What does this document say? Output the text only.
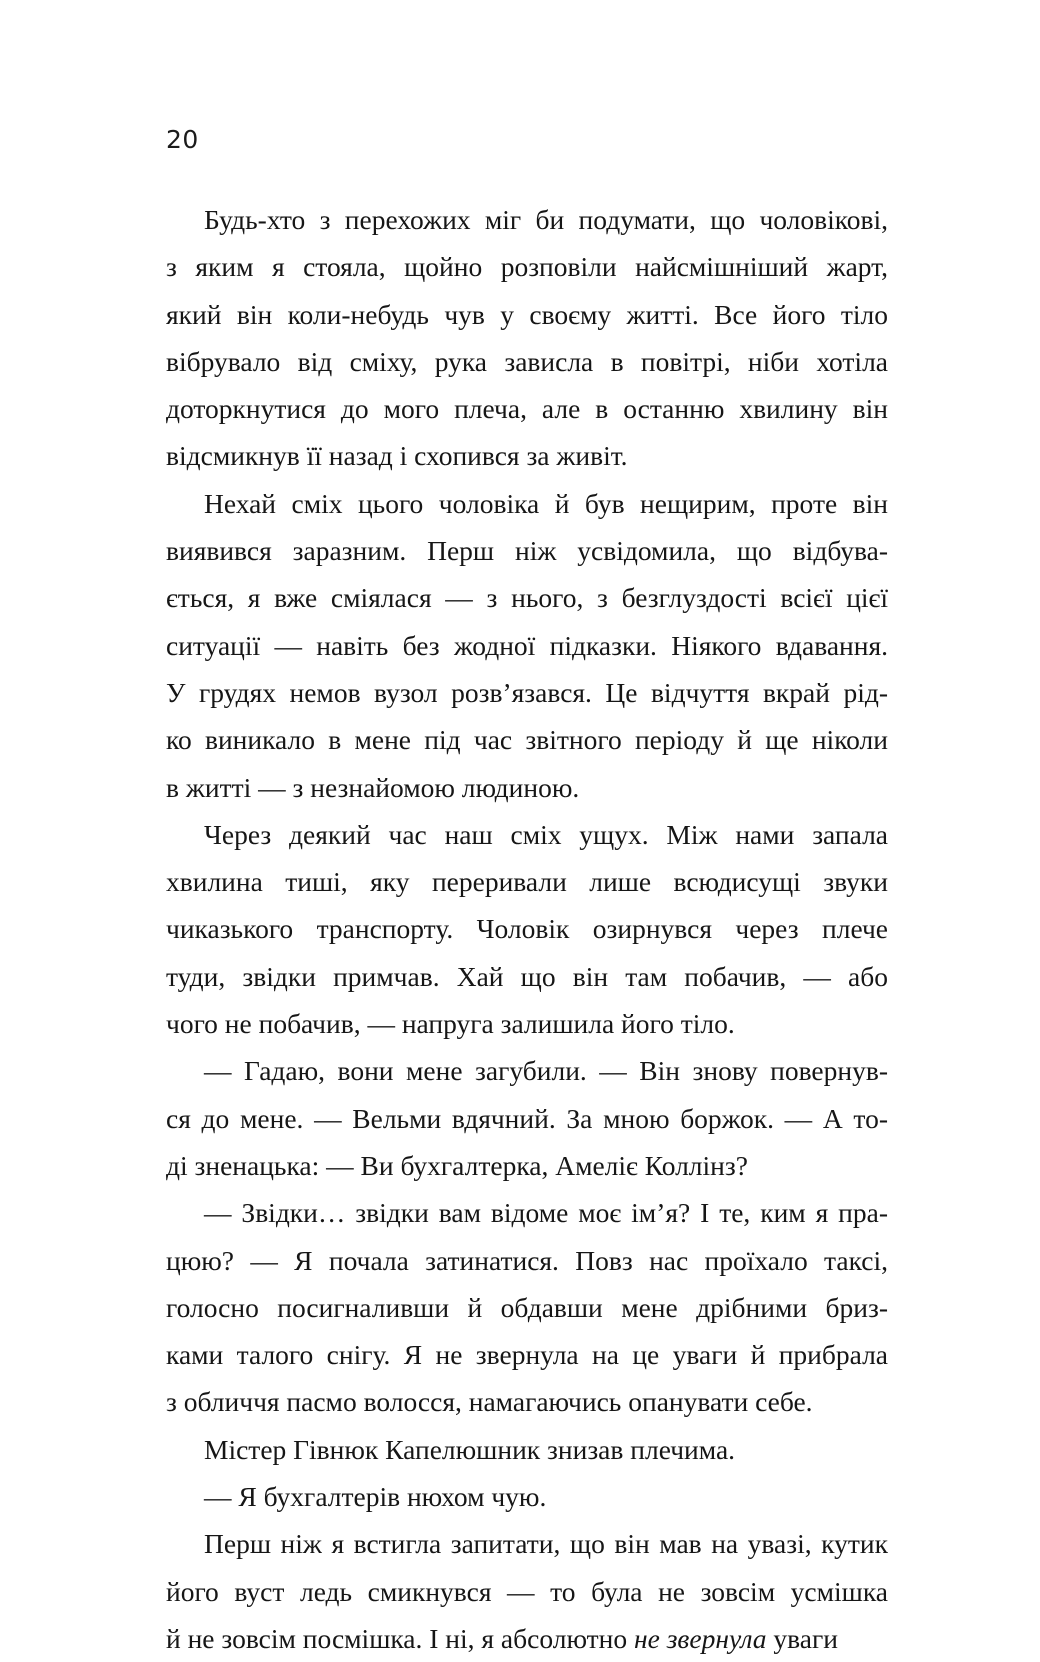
20

Будь-хто з перехожих міг би подумати, що чоловікові,
з яким я стояла, щойно розповіли найсмішніший жарт,
який він коли-небудь чув у своєму житті. Все його тіло
вібрувало від сміху, рука зависла в повітрі, ніби хотіла
доторкнутися до мого плеча, але в останню хвилину він
відсмикнув її назад і схопився за живіт.

Нехай сміх цього чоловіка й був нещирим, проте він
виявився заразним. Перш ніж усвідомила, що відбува-
ється, я вже сміялася — з нього, з безглуздості всієї цієї
ситуації — навіть без жодної підказки. Ніякого вдавання.
У грудях немов вузол розв’язався. Це відчуття вкрай рід-
ко виникало в мене під час звітного періоду й ще ніколи
в житті — з незнайомою людиною.

Через деякий час наш сміх ущух. Між нами запала
хвилина тиші, яку переривали лише всюдисущі звуки
чиказького транспорту. Чоловік озирнувся через плече
туди, звідки примчав. Хай що він там побачив, — або
чого не побачив, — напруга залишила його тіло.

— Гадаю, вони мене загубили. — Він знову повернув-
ся до мене. — Вельми вдячний. За мною боржок. — А то-
ді зненацька: — Ви бухгалтерка, Амеліє Коллінз?

— Звідки… звідки вам відоме моє ім’я? І те, ким я пра-
цюю? — Я почала затинатися. Повз нас проїхало таксі,
голосно посигналивши й обдавши мене дрібними бриз-
ками талого снігу. Я не звернула на це уваги й прибрала
з обличчя пасмо волосся, намагаючись опанувати себе.

Містер Гівнюк Капелюшник знизав плечима.

— Я бухгалтерів нюхом чую.

Перш ніж я встигла запитати, що він мав на увазі, кутик
його вуст ледь смикнувся — то була не зовсім усмішка
й не зовсім посмішка. І ні, я абсолютно не звернула уваги
